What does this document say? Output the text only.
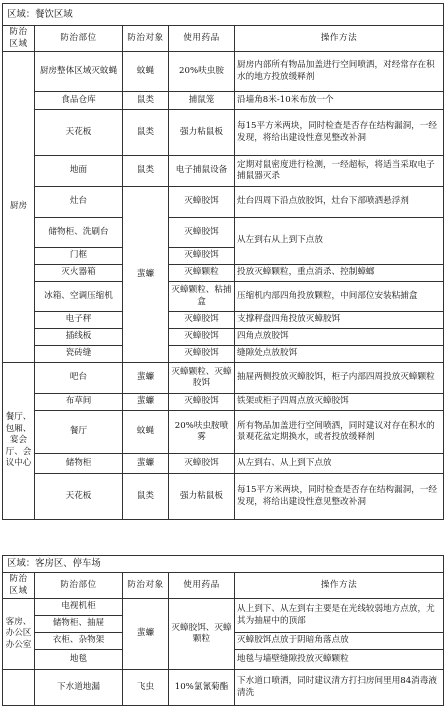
区域：餐饮区域				
防治区域	防治部位	防治对象	使用药品	操作方法
厨房	厨房整体区域灭蚊蝇	蚊蝇	20%呋虫胺	厨房内部所有物品加盖进行空间喷洒，对经常存在积水的地方投放缓释剂
	食品仓库	鼠类	捕鼠笼	沿墙角8米-10米布放一个
	天花板	鼠类	强力粘鼠板	每15平方米两块，同时检查是否存在结构漏洞，一经发现，将给出建设性意见整改补洞
	地面	鼠类	电子捕鼠设备	定期对鼠密度进行检测，一经超标，将适当采取电子捕鼠器灭杀
	灶台	蜚蠊	灭蟑胶饵	灶台四周下沿点放胶饵，灶台下部喷洒悬浮剂
	储物柜、洗刷台		灭蟑胶饵	从左到右从上到下点放
	门框		灭蟑胶饵	
	灭火器箱		灭蟑颗粒	投放灭蟑颗粒，重点消杀、控制蟑螂
	冰箱、空调压缩机		灭蟑颗粒、粘捕盒	压缩机内部四角投放颗粒，中间部位安装粘捕盒
	电子秤		灭蟑胶饵	支撑秤盘四角投放灭蟑胶饵
	插线板		灭蟑胶饵	四角点放胶饵
	瓷砖缝		灭蟑胶饵	缝隙处点放胶饵
餐厅、包厢、宴会厅、会议中心	吧台	蜚蠊	灭蟑颗粒、灭蟑胶饵	抽屉两侧投放灭蟑胶饵，柜子内部四周投放灭蟑颗粒
	布草间	蜚蠊	灭蟑胶饵	铁架或柜子四周点放灭蟑胶饵
	餐厅	蚊蝇	20%呋虫胺喷雾	所有物品加盖进行空间喷洒，同时建议对存在积水的景观花盆定期换水，或者投放缓释剂
	储物柜	蜚蠊	灭蟑胶饵	从左到右、从上到下点放
	天花板	鼠类	强力粘鼠板	每15平方米两块，同时检查是否存在结构漏洞，一经发现，将给出建设性意见整改补洞
区域：客房区、停车场				
防治区域	防治部位	防治对象	使用药品	操作方法
客房、办公区办公室	电视机柜	蜚蠊	灭蟑胶饵、灭蟑颗粒	从上到下、从左到右主要是在光线较弱地方点放，尤其为抽屉中的顶部
	储物柜、抽屉			
	衣柜、杂物架			灭蟑胶饵点放于阴暗角落点放
	地毯			地毯与墙壁缝隙投放灭蟑颗粒
	下水道地漏	飞虫	10%氯氰菊酯	下水道口喷洒，同时建议清方打扫房间里用84消毒液清洗
